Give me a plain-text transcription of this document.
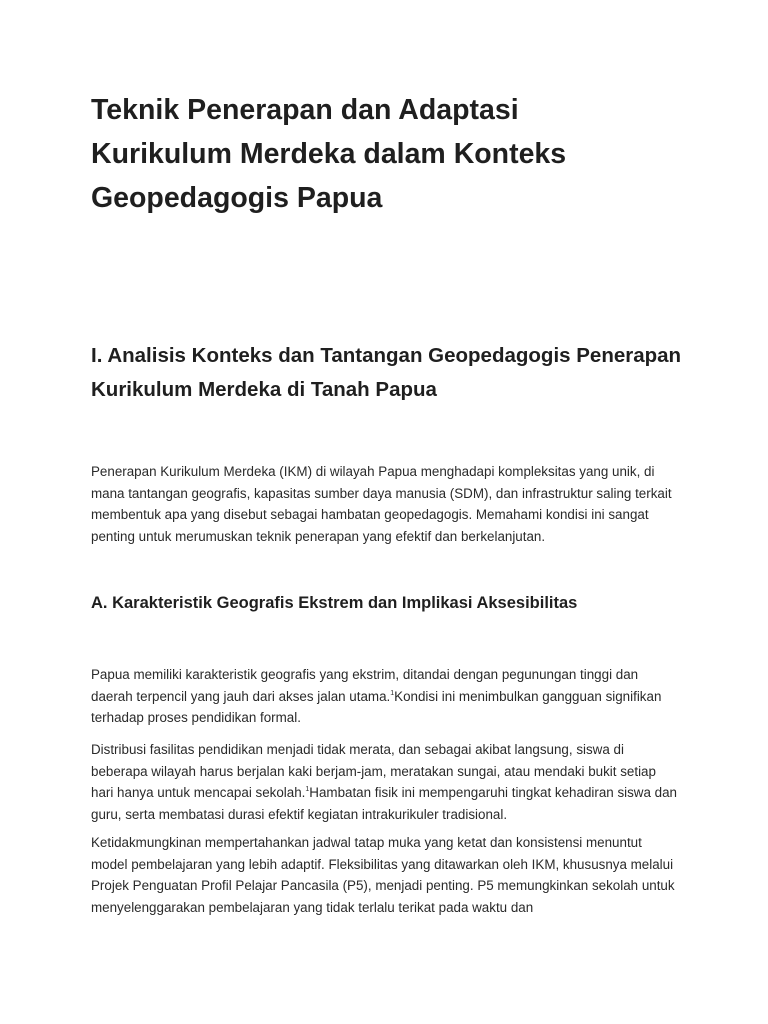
Teknik Penerapan dan Adaptasi Kurikulum Merdeka dalam Konteks Geopedagogis Papua
I. Analisis Konteks dan Tantangan Geopedagogis Penerapan Kurikulum Merdeka di Tanah Papua

Penerapan Kurikulum Merdeka (IKM) di wilayah Papua menghadapi kompleksitas yang unik, di mana tantangan geografis, kapasitas sumber daya manusia (SDM), dan infrastruktur saling terkait membentuk apa yang disebut sebagai hambatan geopedagogis. Memahami kondisi ini sangat penting untuk merumuskan teknik penerapan yang efektif dan berkelanjutan.

A. Karakteristik Geografis Ekstrem dan Implikasi Aksesibilitas

Papua memiliki karakteristik geografis yang ekstrim, ditandai dengan pegunungan tinggi dan daerah terpencil yang jauh dari akses jalan utama.$^1$Kondisi ini menimbulkan gangguan signifikan terhadap proses pendidikan formal.

Distribusi fasilitas pendidikan menjadi tidak merata, dan sebagai akibat langsung, siswa di beberapa wilayah harus berjalan kaki berjam-jam, meratakan sungai, atau mendaki bukit setiap hari hanya untuk mencapai sekolah.$^1$Hambatan fisik ini mempengaruhi tingkat kehadiran siswa dan guru, serta membatasi durasi efektif kegiatan intrakurikuler tradisional.

Ketidakmungkinan mempertahankan jadwal tatap muka yang ketat dan konsistensi menuntut model pembelajaran yang lebih adaptif. Fleksibilitas yang ditawarkan oleh IKM, khususnya melalui Projek Penguatan Profil Pelajar Pancasila (P5), menjadi penting. P5 memungkinkan sekolah untuk menyelenggarakan pembelajaran yang tidak terlalu terikat pada waktu dan
